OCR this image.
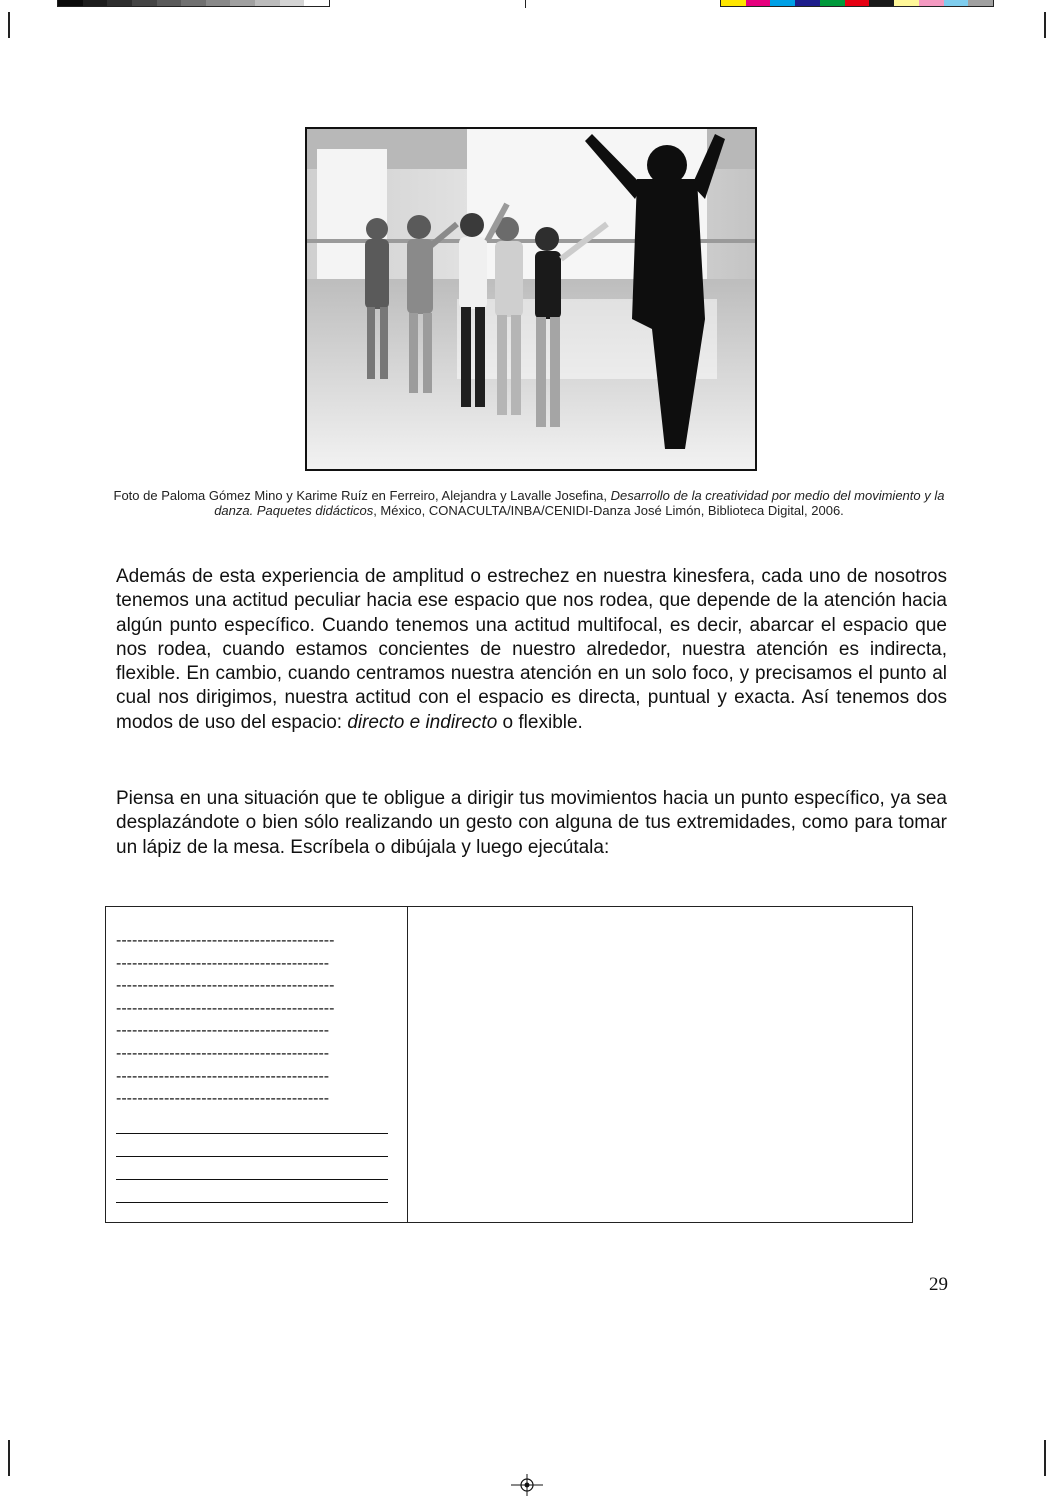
Foto de Paloma Gómez Mino y Karime Ruíz en Ferreiro, Alejandra y Lavalle Josefina, Desarrollo de la creatividad por medio del movimiento y la danza. Paquetes didácticos, México, CONACULTA/INBA/CENIDI-Danza José Limón, Biblioteca Digital, 2006.
Además de esta experiencia de amplitud o estrechez en nuestra kinesfera, cada uno de nosotros tenemos una actitud peculiar hacia ese espacio que nos rodea, que depende de la atención hacia algún punto específico. Cuando tenemos una actitud multifocal, es decir, abarcar el espacio que nos rodea, cuando estamos concientes de nuestro alrededor, nuestra atención es indirecta, flexible. En cambio, cuando centramos nuestra atención en un solo foco, y precisamos el punto al cual nos dirigimos, nuestra actitud con el espacio es directa, puntual y exacta. Así tenemos dos modos de uso del espacio: directo e indirecto o flexible.
Piensa en una situación que te obligue a dirigir tus movimientos hacia un punto específico, ya sea desplazándote o bien sólo realizando un gesto con alguna de tus extremidades, como para tomar un lápiz de la mesa. Escríbela o dibújala y luego ejecútala:
-----------------------------------------
----------------------------------------
-----------------------------------------
-----------------------------------------
----------------------------------------
----------------------------------------
----------------------------------------
----------------------------------------
29
